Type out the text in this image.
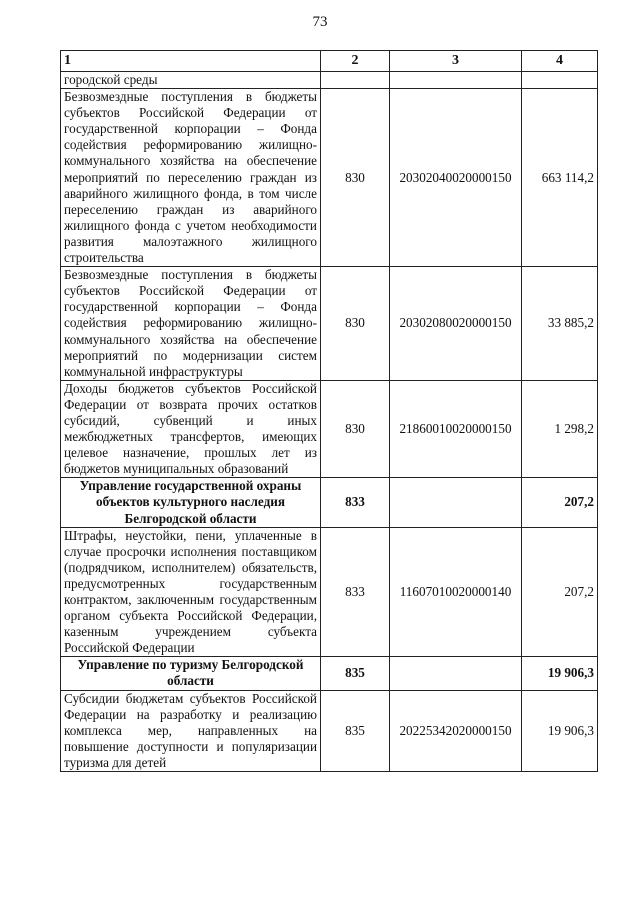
73
1	2	3	4
городской среды			
Безвозмездные поступления в бюджеты субъектов Российской Федерации от государственной корпорации – Фонда содействия реформированию жилищно-коммунального хозяйства на обеспечение мероприятий по переселению граждан из аварийного жилищного фонда, в том числе переселению граждан из аварийного жилищного фонда с учетом необходимости развития малоэтажного жилищного строительства	830	20302040020000150	663 114,2
Безвозмездные поступления в бюджеты субъектов Российской Федерации от государственной корпорации – Фонда содействия реформированию жилищно-коммунального хозяйства на обеспечение мероприятий по модернизации систем коммунальной инфраструктуры	830	20302080020000150	33 885,2
Доходы бюджетов субъектов Российской Федерации от возврата прочих остатков субсидий, субвенций и иных межбюджетных трансфертов, имеющих целевое назначение, прошлых лет из бюджетов муниципальных образований	830	21860010020000150	1 298,2
Управление государственной охраны объектов культурного наследия Белгородской области	833		207,2
Штрафы, неустойки, пени, уплаченные в случае просрочки исполнения поставщиком (подрядчиком, исполнителем) обязательств, предусмотренных государственным контрактом, заключенным государственным органом субъекта Российской Федерации, казенным учреждением субъекта Российской Федерации	833	11607010020000140	207,2
Управление по туризму Белгородской области	835		19 906,3
Субсидии бюджетам субъектов Российской Федерации на разработку и реализацию комплекса мер, направленных на повышение доступности и популяризации туризма для детей	835	20225342020000150	19 906,3
